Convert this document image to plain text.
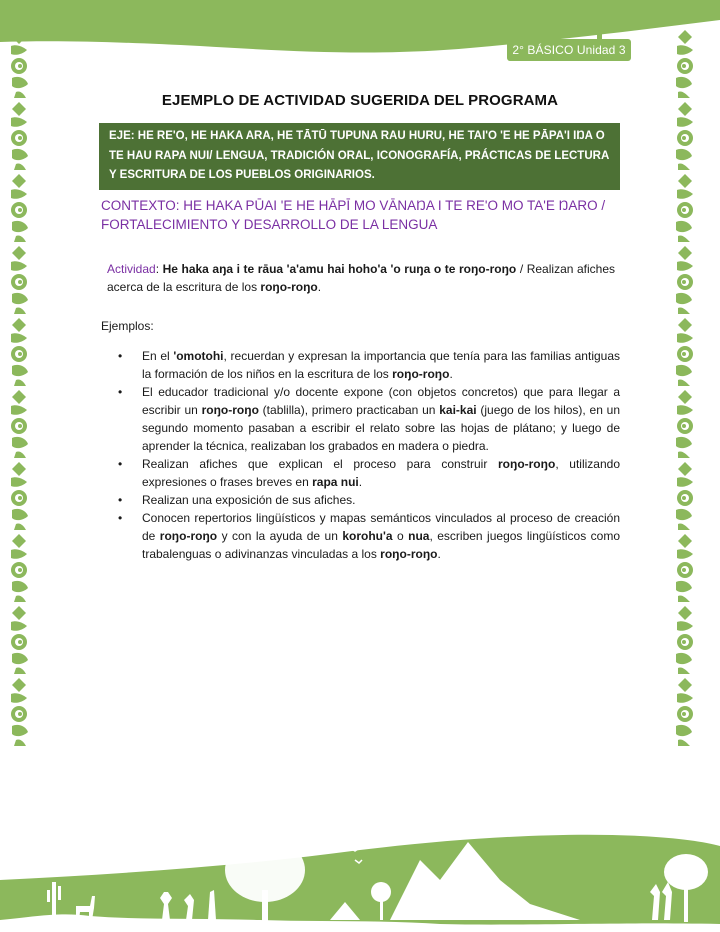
2° BÁSICO Unidad 3
EJEMPLO DE ACTIVIDAD SUGERIDA DEL PROGRAMA
EJE: HE RE'O, HE HAKA ARA, HE TĀTŪ TUPUNA RAU HURU, HE TAI'O 'E HE PĀPA'I IŊA O TE HAU RAPA NUI/ LENGUA, TRADICIÓN ORAL, ICONOGRAFÍA, PRÁCTICAS DE LECTURA Y ESCRITURA DE LOS PUEBLOS ORIGINARIOS.
CONTEXTO: HE HAKA PŪAI 'E HE HĀPĪ MO VĀNAŊA I TE RE'O MO TA'E ŊARO / FORTALECIMIENTO Y DESARROLLO DE LA LENGUA
Actividad: He haka aŋa i te rāua 'a'amu hai hoho'a 'o ruŋa o te roŋo-roŋo / Realizan afiches acerca de la escritura de los roŋo-roŋo.
Ejemplos:
• En el 'omotohi, recuerdan y expresan la importancia que tenía para las familias antiguas la formación de los niños en la escritura de los roŋo-roŋo.
• El educador tradicional y/o docente expone (con objetos concretos) que para llegar a escribir un roŋo-roŋo (tablilla), primero practicaban un kai-kai (juego de los hilos), en un segundo momento pasaban a escribir el relato sobre las hojas de plátano; y luego de aprender la técnica, realizaban los grabados en madera o piedra.
• Realizan afiches que explican el proceso para construir roŋo-roŋo, utilizando expresiones o frases breves en rapa nui.
• Realizan una exposición de sus afiches.
• Conocen repertorios lingüísticos y mapas semánticos vinculados al proceso de creación de roŋo-roŋo y con la ayuda de un korohu'a o nua, escriben juegos lingüísticos como trabalenguas o adivinanzas vinculadas a los roŋo-roŋo.
